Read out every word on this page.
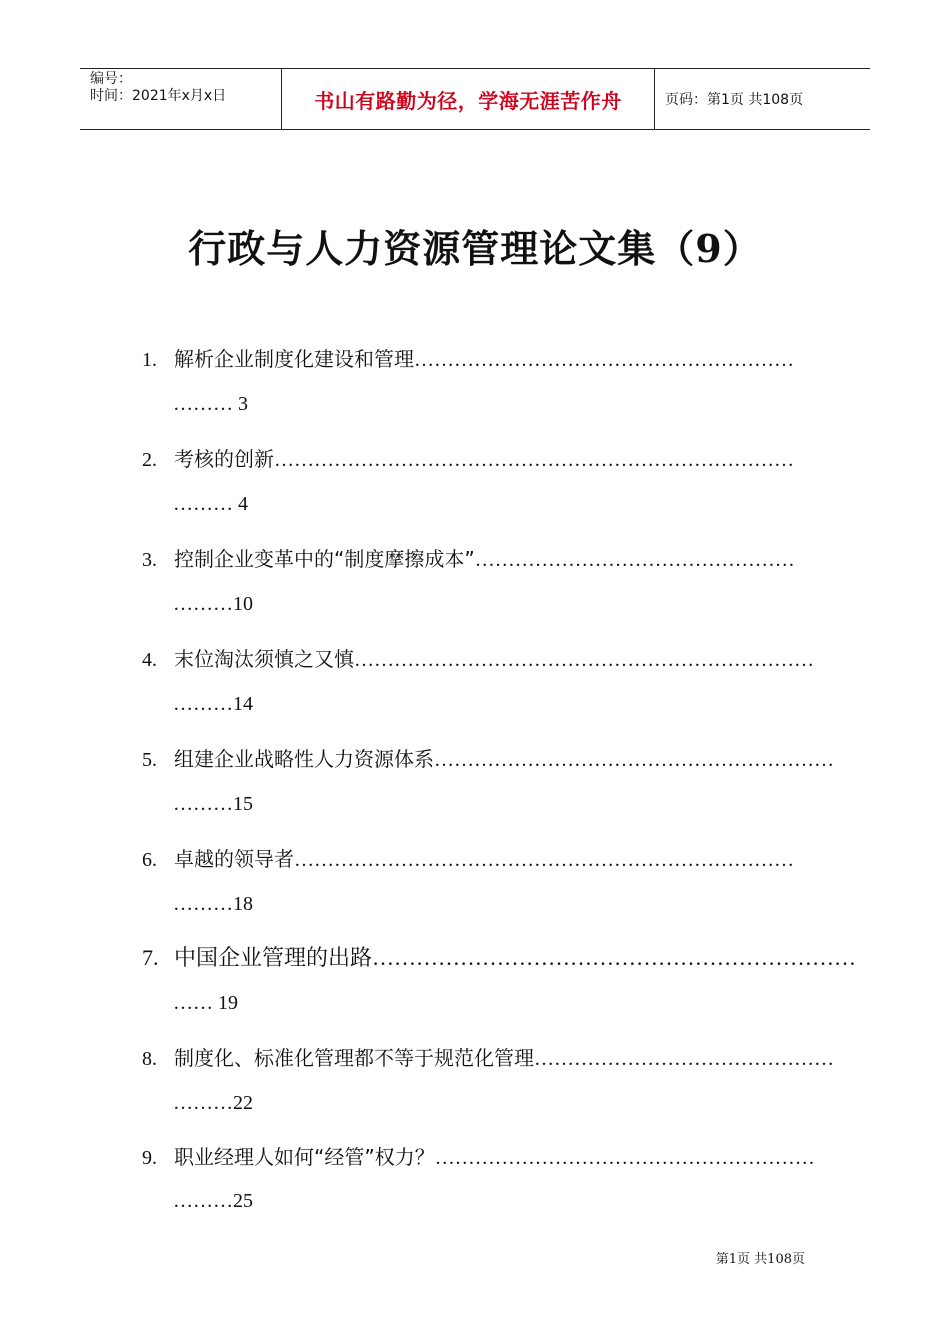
编号：
时间：2021年x月x日	书山有路勤为径，学海无涯苦作舟	页码：第1页 共108页
行政与人力资源管理论文集（9）
1. 解析企业制度化建设和管理…………………………………………………
……… 3
2. 考核的创新……………………………………………………………………
……… 4
3. 控制企业变革中的“制度摩擦成本”…………………………………………
………10
4. 末位淘汰须慎之又慎……………………………………………………………
………14
5. 组建企业战略性人力资源体系……………………………………………………
………15
6. 卓越的领导者…………………………………………………………………
………18
7. 中国企业管理的出路…………………………………………………………
…… 19
8. 制度化、标准化管理都不等于规范化管理………………………………………
………22
9. 职业经理人如何“经管”权力？…………………………………………………
………25
第1页 共108页
